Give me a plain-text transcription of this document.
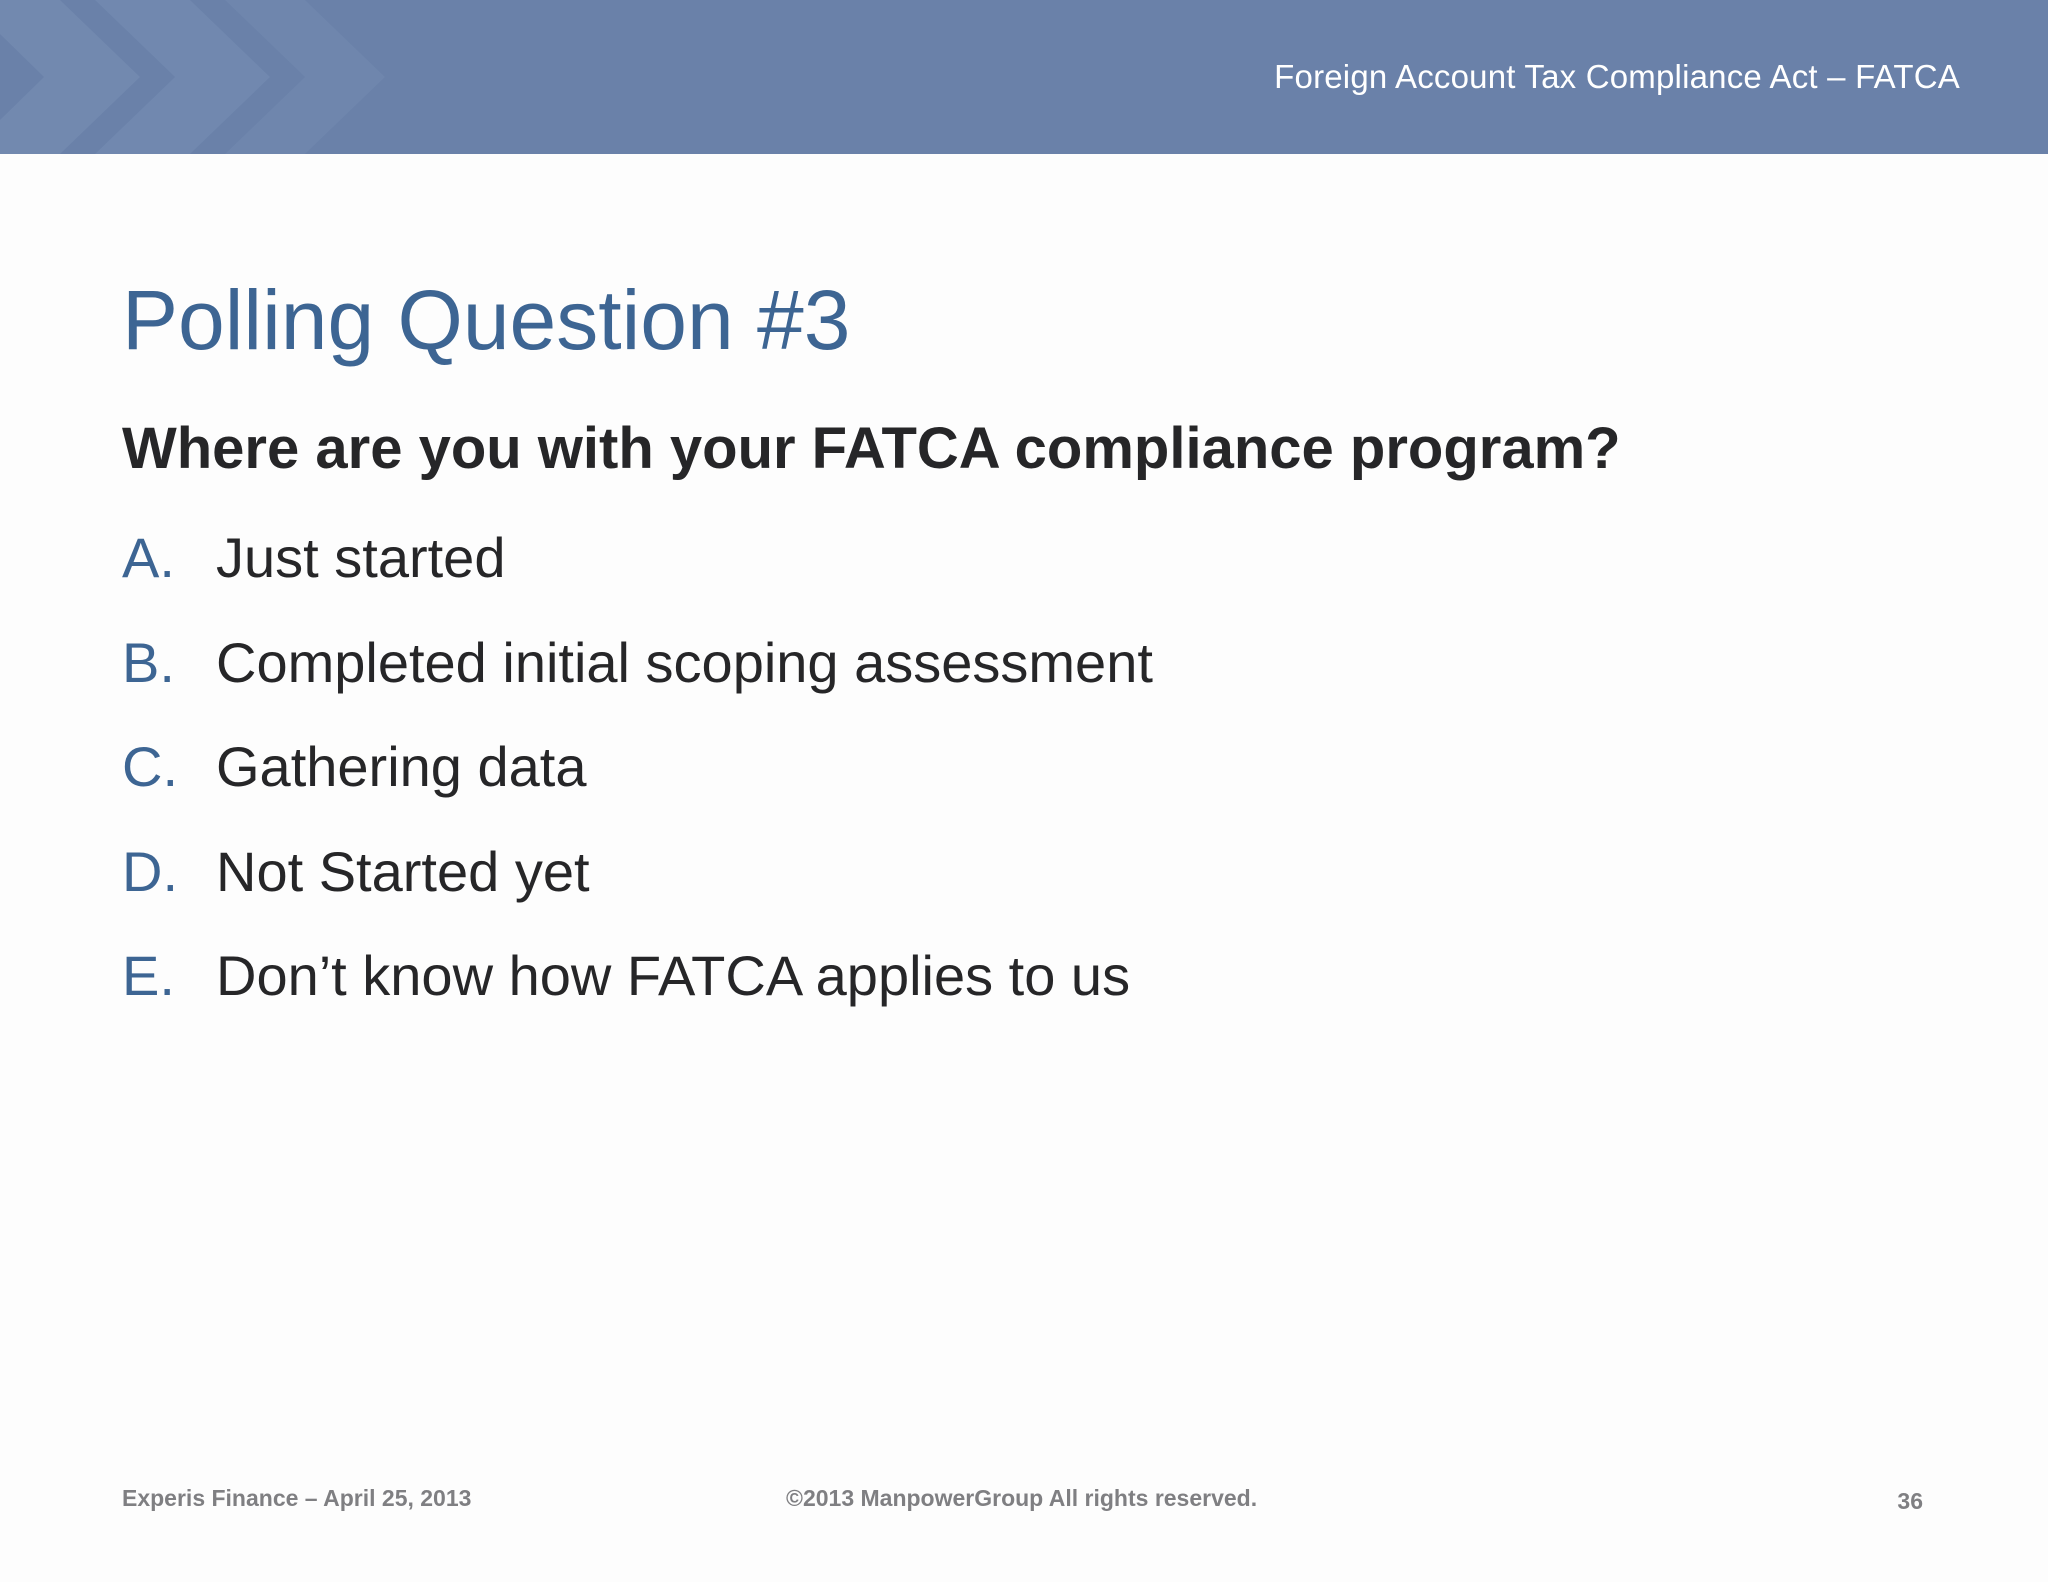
Foreign Account Tax Compliance Act – FATCA
Polling Question #3
Where are you with your FATCA compliance program?
A. Just started
B. Completed initial scoping assessment
C. Gathering data
D. Not Started yet
E. Don’t know how FATCA applies to us
Experis Finance – April 25, 2013	©2013 ManpowerGroup All rights reserved.	36
